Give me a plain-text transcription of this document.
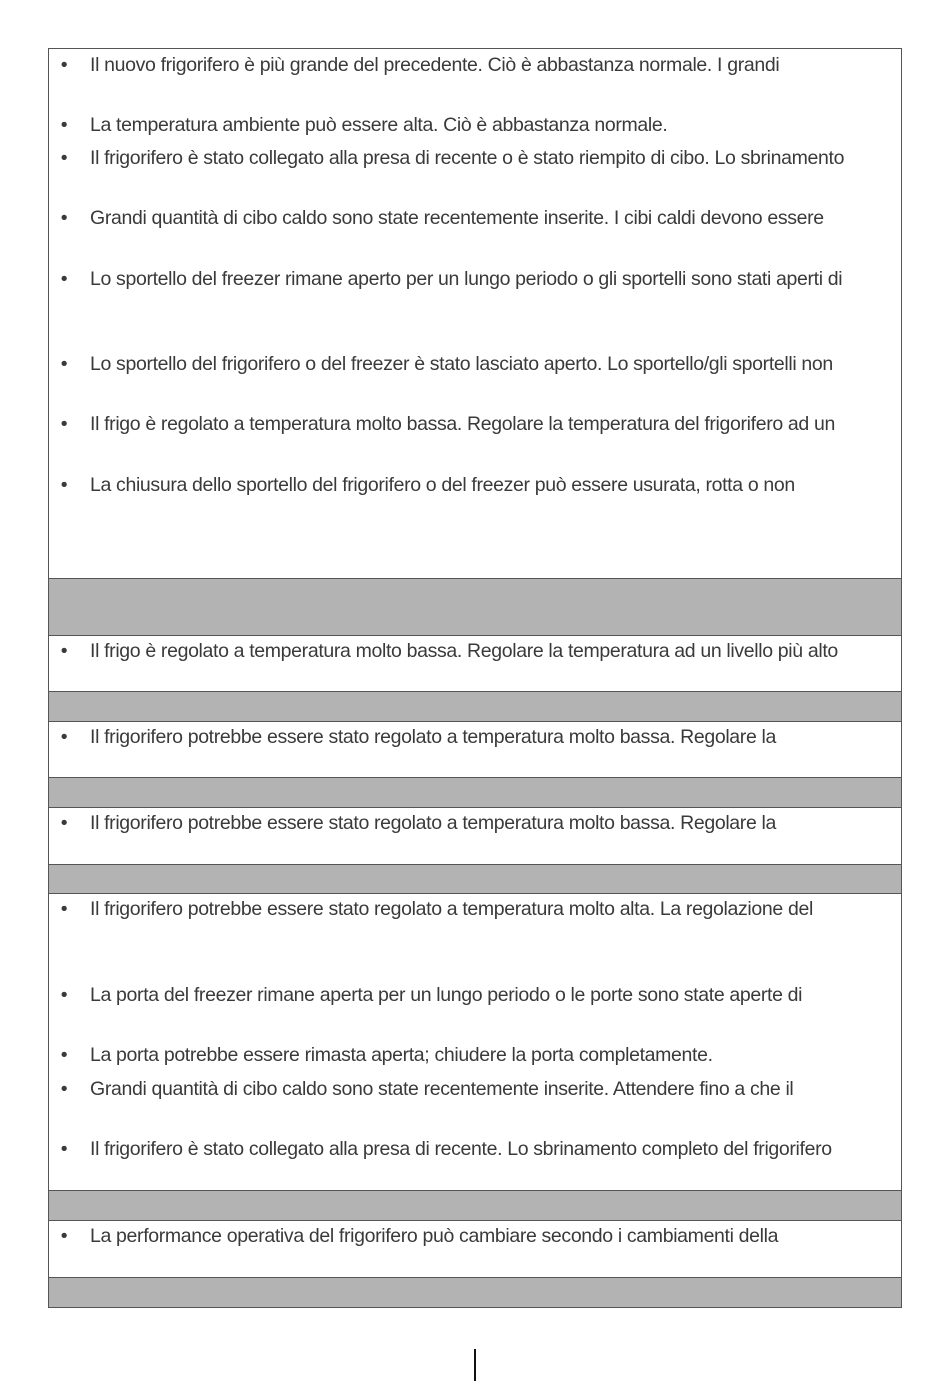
• Il nuovo frigorifero è più grande del precedente. Ciò è abbastanza normale. I grandi
• La temperatura ambiente può essere alta. Ciò è abbastanza normale.
• Il frigorifero è stato collegato alla presa di recente o è stato riempito di cibo. Lo sbrinamento
• Grandi quantità di cibo caldo sono state recentemente inserite. I cibi caldi devono essere
• Lo sportello del freezer rimane aperto per un lungo periodo o gli sportelli sono stati aperti di
• Lo sportello del frigorifero o del freezer è stato lasciato aperto. Lo sportello/gli sportelli non
• Il frigo è regolato a temperatura molto bassa. Regolare la temperatura del frigorifero ad un
• La chiusura dello sportello del frigorifero o del freezer può essere usurata, rotta o non
• Il frigo è regolato a temperatura molto bassa. Regolare la temperatura ad un livello più alto
• Il frigorifero potrebbe essere stato regolato a temperatura molto bassa. Regolare la
• Il frigorifero potrebbe essere stato regolato a temperatura molto bassa. Regolare la
• Il frigorifero potrebbe essere stato regolato a temperatura molto alta. La regolazione del
• La porta del freezer rimane aperta per un lungo periodo o le porte sono state aperte di
• La porta potrebbe essere rimasta aperta; chiudere la porta completamente.
• Grandi quantità di cibo caldo sono state recentemente inserite. Attendere fino a che il
• Il frigorifero è stato collegato alla presa di recente. Lo sbrinamento completo del frigorifero
• La performance operativa del frigorifero può cambiare secondo i cambiamenti della
